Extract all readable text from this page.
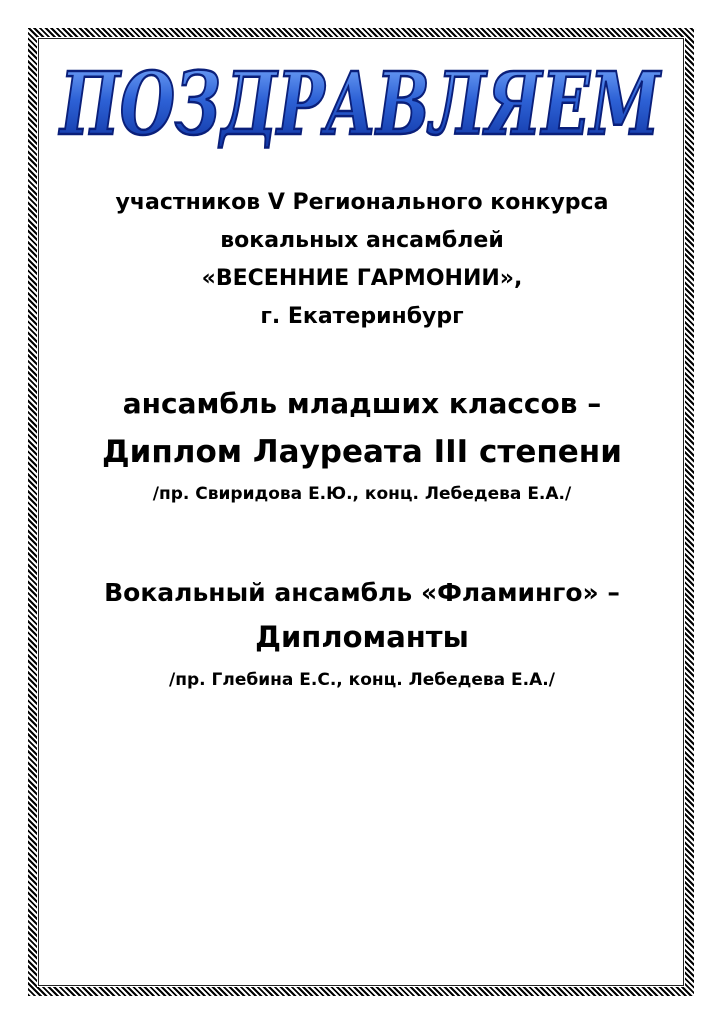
ПОЗДРАВЛЯЕМ
участников V Регионального конкурса
вокальных ансамблей
«ВЕСЕННИЕ ГАРМОНИИ»,
г. Екатеринбург
ансамбль младших классов –
Диплом Лауреата III степени
/пр. Свиридова Е.Ю., конц. Лебедева Е.А./
Вокальный ансамбль «Фламинго» –
Дипломанты
/пр. Глебина Е.С., конц. Лебедева Е.А./
